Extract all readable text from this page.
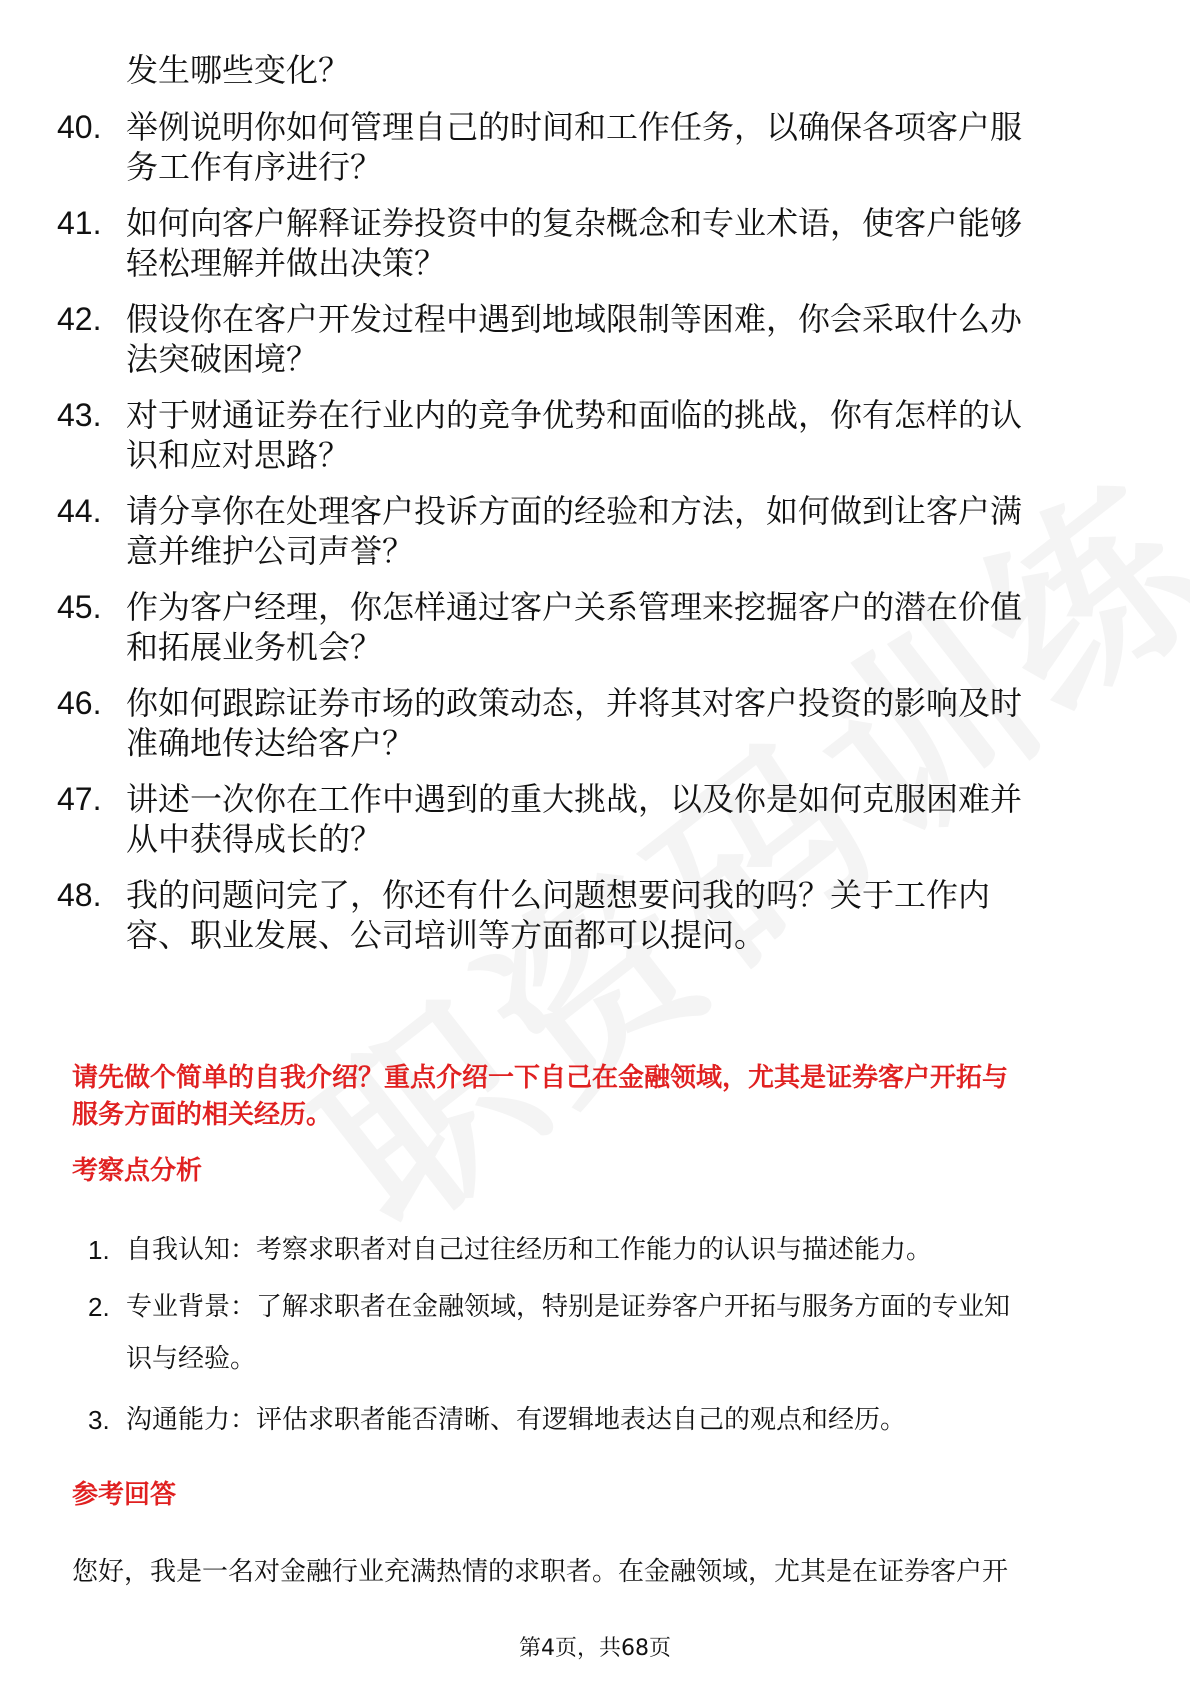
发生哪些变化？
40. 举例说明你如何管理自己的时间和工作任务，以确保各项客户服
务工作有序进行？
41. 如何向客户解释证券投资中的复杂概念和专业术语，使客户能够
轻松理解并做出决策？
42. 假设你在客户开发过程中遇到地域限制等困难，你会采取什么办
法突破困境？
43. 对于财通证券在行业内的竞争优势和面临的挑战，你有怎样的认
识和应对思路？
44. 请分享你在处理客户投诉方面的经验和方法，如何做到让客户满
意并维护公司声誉？
45. 作为客户经理，你怎样通过客户关系管理来挖掘客户的潜在价值
和拓展业务机会？
46. 你如何跟踪证券市场的政策动态，并将其对客户投资的影响及时
准确地传达给客户？
47. 讲述一次你在工作中遇到的重大挑战，以及你是如何克服困难并
从中获得成长的？
48. 我的问题问完了，你还有什么问题想要问我的吗？关于工作内
容、职业发展、公司培训等方面都可以提问。
请先做个简单的自我介绍？重点介绍一下自己在金融领域，尤其是证券客户开拓与
服务方面的相关经历。
考察点分析
1. 自我认知：考察求职者对自己过往经历和工作能力的认识与描述能力。
2. 专业背景：了解求职者在金融领域，特别是证券客户开拓与服务方面的专业知
识与经验。
3. 沟通能力：评估求职者能否清晰、有逻辑地表达自己的观点和经历。
参考回答
您好，我是一名对金融行业充满热情的求职者。在金融领域，尤其是在证券客户开
第4页，共68页
